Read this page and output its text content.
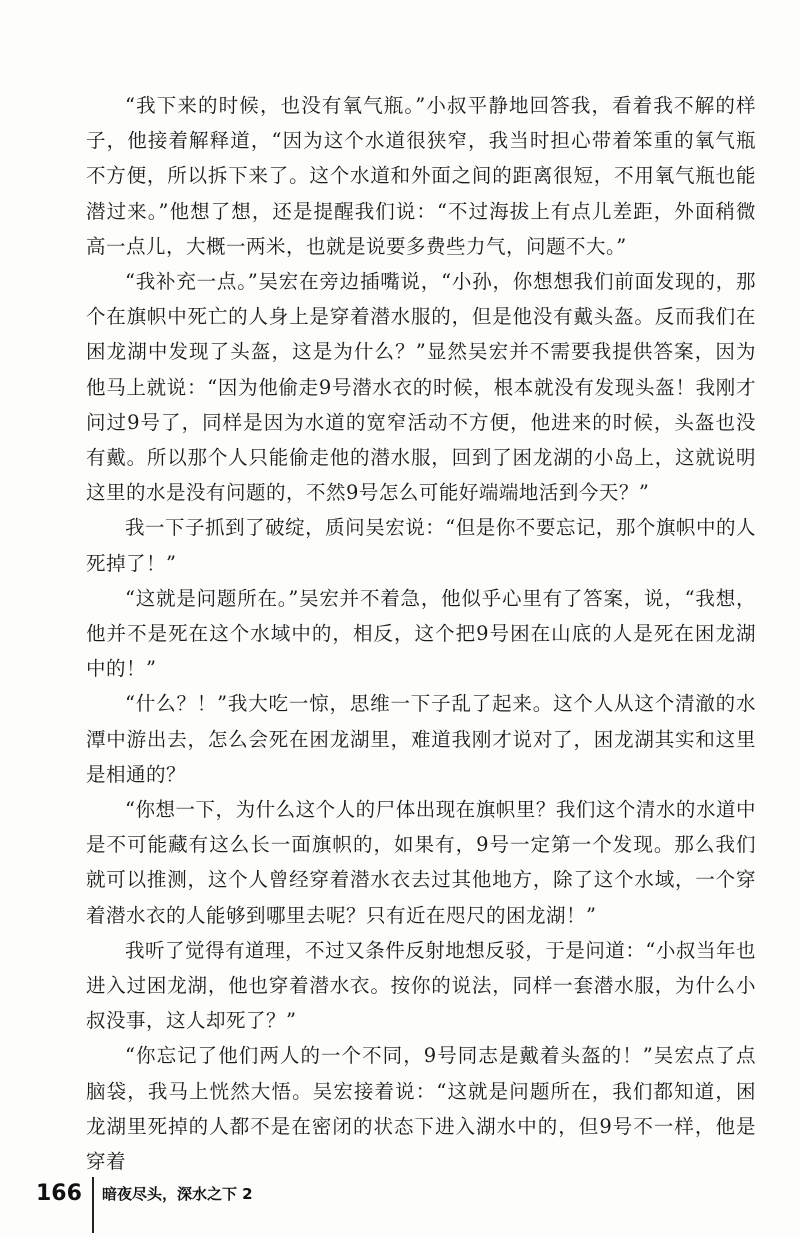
“我下来的时候，也没有氧气瓶。”小叔平静地回答我，看着我不解的样子，他接着解释道，“因为这个水道很狭窄，我当时担心带着笨重的氧气瓶不方便，所以拆下来了。这个水道和外面之间的距离很短，不用氧气瓶也能潜过来。”他想了想，还是提醒我们说：“不过海拔上有点儿差距，外面稍微高一点儿，大概一两米，也就是说要多费些力气，问题不大。”

“我补充一点。”吴宏在旁边插嘴说，“小孙，你想想我们前面发现的，那个在旗帜中死亡的人身上是穿着潜水服的，但是他没有戴头盔。反而我们在困龙湖中发现了头盔，这是为什么？”显然吴宏并不需要我提供答案，因为他马上就说：“因为他偷走9号潜水衣的时候，根本就没有发现头盔！我刚才问过9号了，同样是因为水道的宽窄活动不方便，他进来的时候，头盔也没有戴。所以那个人只能偷走他的潜水服，回到了困龙湖的小岛上，这就说明这里的水是没有问题的，不然9号怎么可能好端端地活到今天？”

我一下子抓到了破绽，质问吴宏说：“但是你不要忘记，那个旗帜中的人死掉了！”

“这就是问题所在。”吴宏并不着急，他似乎心里有了答案，说，“我想，他并不是死在这个水域中的，相反，这个把9号困在山底的人是死在困龙湖中的！”

“什么？！”我大吃一惊，思维一下子乱了起来。这个人从这个清澈的水潭中游出去，怎么会死在困龙湖里，难道我刚才说对了，困龙湖其实和这里是相通的？

“你想一下，为什么这个人的尸体出现在旗帜里？我们这个清水的水道中是不可能藏有这么长一面旗帜的，如果有，9号一定第一个发现。那么我们就可以推测，这个人曾经穿着潜水衣去过其他地方，除了这个水域，一个穿着潜水衣的人能够到哪里去呢？只有近在咫尺的困龙湖！”

我听了觉得有道理，不过又条件反射地想反驳，于是问道：“小叔当年也进入过困龙湖，他也穿着潜水衣。按你的说法，同样一套潜水服，为什么小叔没事，这人却死了？”

“你忘记了他们两人的一个不同，9号同志是戴着头盔的！”吴宏点了点脑袋，我马上恍然大悟。吴宏接着说：“这就是问题所在，我们都知道，困龙湖里死掉的人都不是在密闭的状态下进入湖水中的，但9号不一样，他是穿着

166 暗夜尽头，深水之下 2
